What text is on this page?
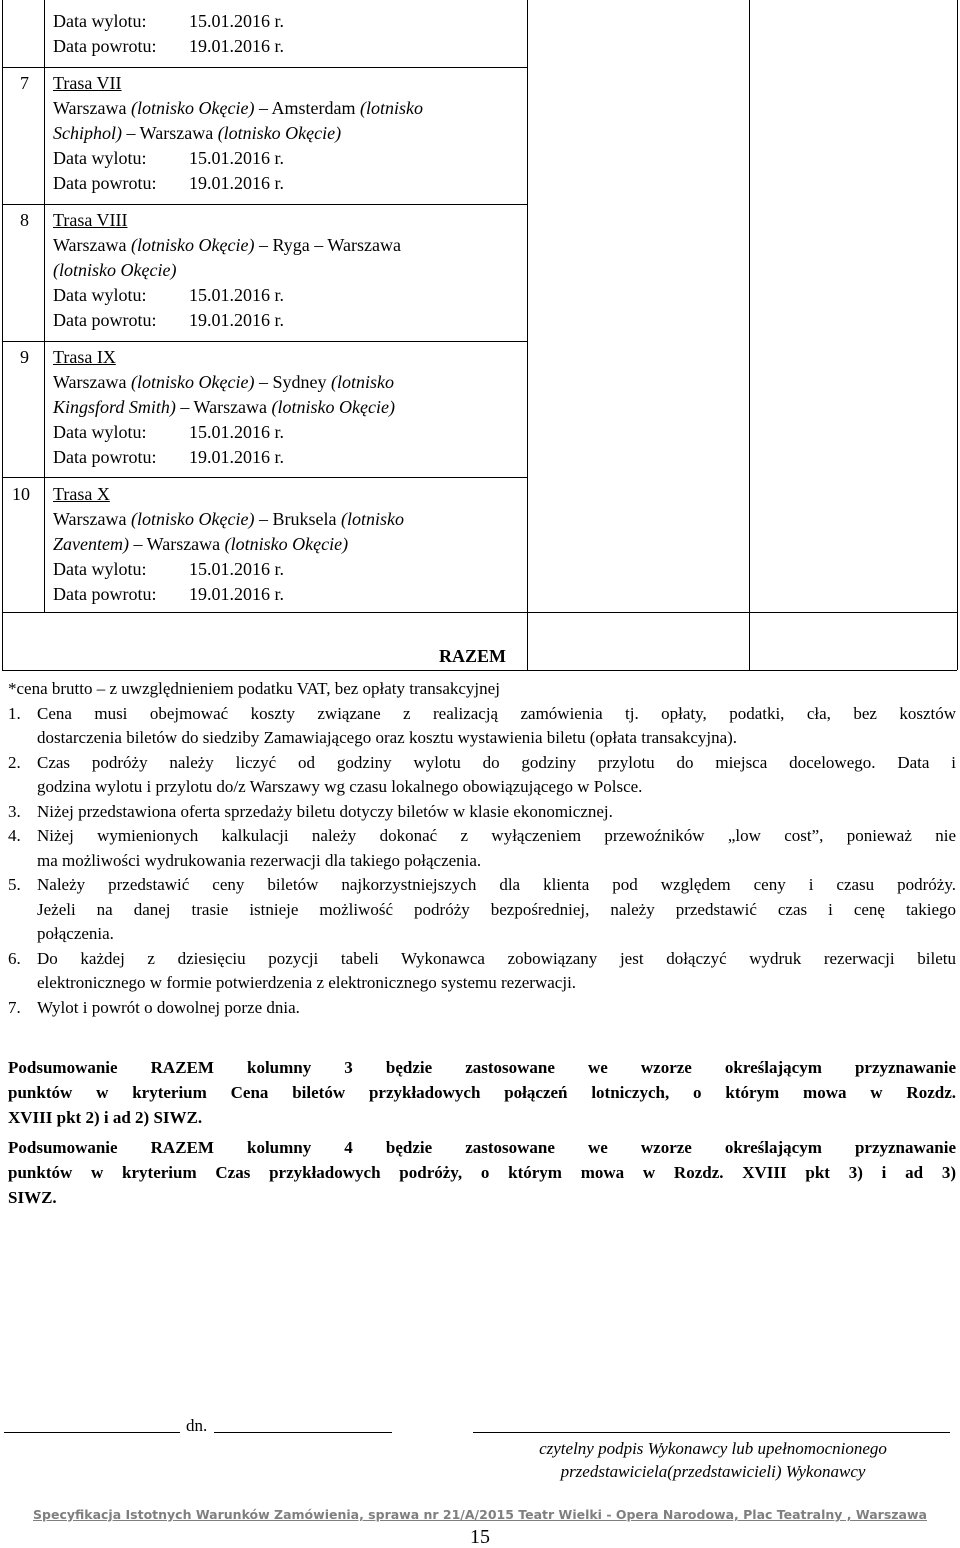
Data wylotu: 15.01.2016 r.
Data powrotu: 19.01.2016 r.
7 Trasa VII
Warszawa (lotnisko Okęcie) – Amsterdam (lotnisko
Schiphol) – Warszawa (lotnisko Okęcie)
Data wylotu: 15.01.2016 r.
Data powrotu: 19.01.2016 r.
8 Trasa VIII
Warszawa (lotnisko Okęcie) – Ryga – Warszawa
(lotnisko Okęcie)
Data wylotu: 15.01.2016 r.
Data powrotu: 19.01.2016 r.
9 Trasa IX
Warszawa (lotnisko Okęcie) – Sydney (lotnisko
Kingsford Smith) – Warszawa (lotnisko Okęcie)
Data wylotu: 15.01.2016 r.
Data powrotu: 19.01.2016 r.
10 Trasa X
Warszawa (lotnisko Okęcie) – Bruksela (lotnisko
Zaventem) – Warszawa (lotnisko Okęcie)
Data wylotu: 15.01.2016 r.
Data powrotu: 19.01.2016 r.
RAZEM
*cena brutto – z uwzględnieniem podatku VAT, bez opłaty transakcyjnej
1. Cena musi obejmować koszty związane z realizacją zamówienia tj. opłaty, podatki, cła, bez kosztów
dostarczenia biletów do siedziby Zamawiającego oraz kosztu wystawienia biletu (opłata transakcyjna).
2. Czas podróży należy liczyć od godziny wylotu do godziny przylotu do miejsca docelowego. Data i
godzina wylotu i przylotu do/z Warszawy wg czasu lokalnego obowiązującego w Polsce.
3. Niżej przedstawiona oferta sprzedaży biletu dotyczy biletów w klasie ekonomicznej.
4. Niżej wymienionych kalkulacji należy dokonać z wyłączeniem przewoźników „low cost”, ponieważ nie
ma możliwości wydrukowania rezerwacji dla takiego połączenia.
5. Należy przedstawić ceny biletów najkorzystniejszych dla klienta pod względem ceny i czasu podróży.
Jeżeli na danej trasie istnieje możliwość podróży bezpośredniej, należy przedstawić czas i cenę takiego
połączenia.
6. Do każdej z dziesięciu pozycji tabeli Wykonawca zobowiązany jest dołączyć wydruk rezerwacji biletu
elektronicznego w formie potwierdzenia z elektronicznego systemu rezerwacji.
7. Wylot i powrót o dowolnej porze dnia.

Podsumowanie RAZEM kolumny 3 będzie zastosowane we wzorze określającym przyznawanie
punktów w kryterium Cena biletów przykładowych połączeń lotniczych, o którym mowa w Rozdz.
XVIII pkt 2) i ad 2) SIWZ.

Podsumowanie RAZEM kolumny 4 będzie zastosowane we wzorze określającym przyznawanie
punktów w kryterium Czas przykładowych podróży, o którym mowa w Rozdz. XVIII pkt 3) i ad 3)
SIWZ.

dn.
czytelny podpis Wykonawcy lub upełnomocnionego
przedstawiciela(przedstawicieli) Wykonawcy
Specyfikacja Istotnych Warunków Zamówienia, sprawa nr 21/A/2015 Teatr Wielki - Opera Narodowa, Plac Teatralny , Warszawa
15
